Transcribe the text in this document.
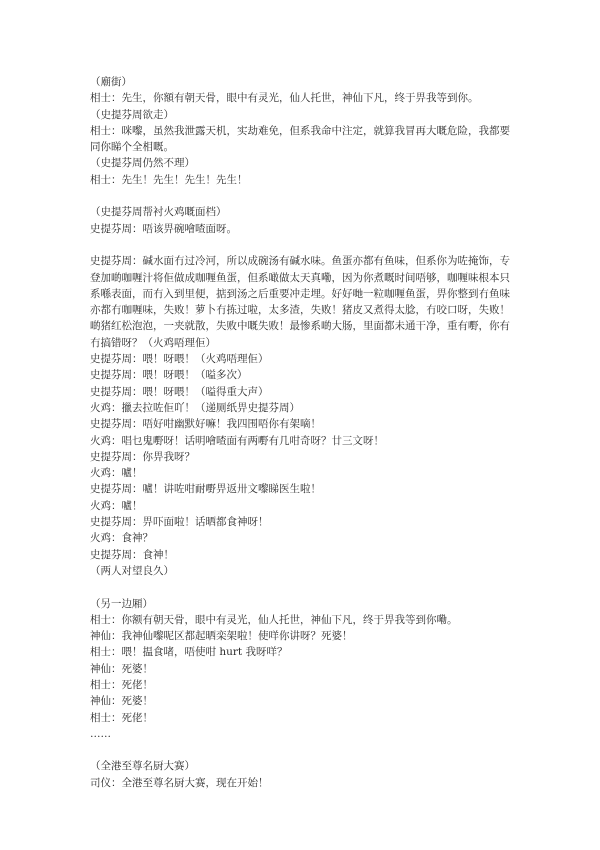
（廟街）
相士：先生，你額有朝天骨，眼中有灵光，仙人托世，神仙下凡，终于畀我等到你。
（史提芬周欲走）
相士：咪嚟，虽然我泄露天机，实劫难免，但系我命中注定，就算我冒再大嘅危险，我都要
同你睇个全相嘅。
（史提芬周仍然不理）
相士：先生！先生！先生！先生！
（史提芬周帮衬火鸡嘅面档）
史提芬周：唔该畀碗噲喳面呀。
史提芬周：碱水面冇过冷河，所以成碗汤有碱水味。鱼蛋亦都有鱼味，但系你为咗掩饰，专
登加啲咖喱汁将佢做成咖喱鱼蛋，但系噉做太天真嘞，因为你煮嘅时间唔够，咖喱味根本只
系喺表面，而冇入到里便，掂到汤之后重要冲走埋。好好哋一粒咖喱鱼蛋，畀你整到冇鱼味
亦都冇咖喱味，失败！萝卜冇拣过啦，太多渣，失败！猪皮又煮得太腍，冇咬口呀，失败！
啲猪红松泡泡，一夹就散，失败中嘅失败！最惨系啲大肠，里面都未通干净，重有嘢，你有
冇搞错呀？（火鸡唔理佢）
史提芬周：喂！呀喂！（火鸡唔理佢）
史提芬周：喂！呀喂！（嗌多次）
史提芬周：喂！呀喂！（嗌得重大声）
火鸡：擸去拉咗佢吖！（递厕纸畀史提芬周）
史提芬周：唔好咁幽默好嘛！我四围唔你有架嘀！
火鸡：唱乜鬼嘢呀！话明噲喳面有两嘢有几咁奇呀？廿三文呀！
史提芬周：你畀我呀？
火鸡：嚧！
史提芬周：嚧！讲咗咁耐嘢畀返卅文嚟睇医生啦！
火鸡：嚧！
史提芬周：畀吓面啦！话晒都食神呀！
火鸡：食神？
史提芬周：食神！
（两人对望良久）
（另一边厢）
相士：你额有朝天骨，眼中有灵光，仙人托世，神仙下凡，终于畀我等到你嘞。
神仙：我神仙嚟呢区都起晒栾架啦！使咩你讲呀？死婆！
相士：喂！揾食啫，唔使咁 hurt 我呀咩？
神仙：死婆！
相士：死佬！
神仙：死婆！
相士：死佬！
……
（全港至尊名厨大赛）
司仪：全港至尊名厨大赛，现在开始！
